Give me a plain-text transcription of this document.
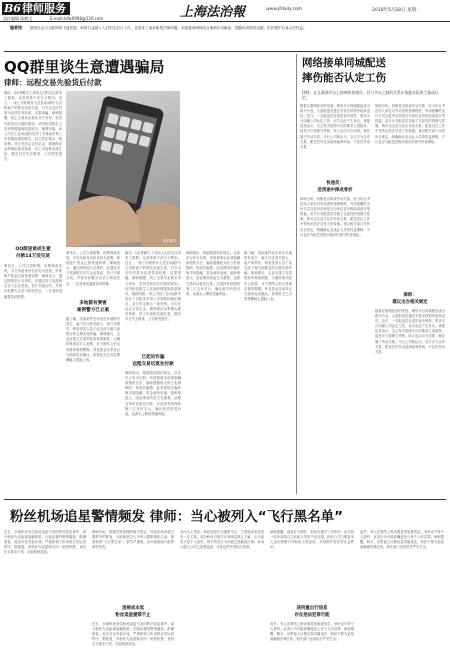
B6 律师服务
责任编辑 陈树文	E-mail:lsfw0998@126.com	上海法治報	www.jfdaily.com	2018年5月28日 星期一
编者按： 随着社会与互联网的飞速发展，网络日益融入人们的生活与工作，也带来了诸多新型法律问题，本版邀请律师结合案例作出解读，提醒读者擦亮双眼，依法维护自身合法权益。
QQ群里谈生意遭遇骗局
律师：远程交易先验货后付款
微信、QQ等聊天工具给人们的交往带来了便利，也常常被不法分子利用。近日，一家公司的财务人员在QQ群中与自称客户的网友洽谈生意，对方以支付货款为由诱导其转账，结果被骗。律师提醒，线上交易务必核实对方身份，坚持先验货后付款的原则，切勿轻信陌生人发来的链接和收款账号。案情回顾，该公司员工在QQ群中结识了自称某贸易公司采购经理的网友，双方约定购买一批货物。对方先后以支付定金、缴纳保证金等理由要求转账，员工未加核实便汇款，随后对方失去联系，公司蒙受损失。
QQ群里谈成生意
付款14万没见货
事发后，公司立即报警。民警调查发现，对方所留身份信息均为虚假，涉案账户资金已被快速转移。律师表示，通过网络进行交易时，应通过官方渠道核实对方企业资质，签订书面合同，并保存好聊天记录与转账凭证，一旦发现受骗要及时报警。
资料图片
事发后，公司立即报警。民警调查发现，对方所留身份信息均为虚假，涉案账户资金已被快速转移。律师表示，通过网络进行交易时，应通过官方渠道核实对方企业资质，签订书面合同，并保存好聊天记录与转账凭证，一旦发现受骗要及时报警。
多地都有要害
案例警方已立案
据了解，类似案件近年来在多地时有发生，骗子往往冒充熟人、客户或领导，利用受害人急于成交或不便当面核实的心理实施诈骗。律师建议，企业应建立完善的财务审批制度，大额转账须经多人复核，对于网络上的交易要求保持警惕，涉及资金往来务必当面或电话确认。检察机关已对犯罪嫌疑人提起公诉。
微信、QQ等聊天工具给人们的交往带来了便利，也常常被不法分子利用。近日，一家公司的财务人员在QQ群中与自称客户的网友洽谈生意，对方以支付货款为由诱导其转账，结果被骗。律师提醒，线上交易务必核实对方身份，坚持先验货后付款的原则，切勿轻信陌生人发来的链接和收款账号。案情回顾，该公司员工在QQ群中结识了自称某贸易公司采购经理的网友，双方约定购买一批货物。对方先后以支付定金、缴纳保证金等理由要求转账，员工未加核实便汇款，随后对方失去联系，公司蒙受损失。
已起诉诈骗
远程交易切莫先付款
律师指出，根据我国刑法规定，以非法占有为目的，用虚构事实或者隐瞒真相的方法，骗取数额较大的公私财物的，构成诈骗罪。此类网络诈骗作案手段隐蔽，资金流转迅速，追赃难度大，因此事前防范尤为重要。远程交易时切莫先付款，应选择有担保的第三方支付平台，确认收货后再付款，从源头上降低受骗风险。
律师指出，根据我国刑法规定，以非法占有为目的，用虚构事实或者隐瞒真相的方法，骗取数额较大的公私财物的，构成诈骗罪。此类网络诈骗作案手段隐蔽，资金流转迅速，追赃难度大，因此事前防范尤为重要。远程交易时切莫先付款，应选择有担保的第三方支付平台，确认收货后再付款，从源头上降低受骗风险。
据了解，类似案件近年来在多地时有发生，骗子往往冒充熟人、客户或领导，利用受害人急于成交或不便当面核实的心理实施诈骗。律师建议，企业应建立完善的财务审批制度，大额转账须经多人复核，对于网络上的交易要求保持警惕，涉及资金往来务必当面或电话确认。检察机关已对犯罪嫌疑人提起公诉。
网络接单同城配送
摔伤能否认定工伤
律师：在互联网平台上接单的快递员，其与平台之间的关系应依据实际用工情况认定。
随着互联网经济的发展，网络平台同城配送成为新兴行业，大量配送员通过手机应用程序接单送货。近日，一名配送员在送货途中摔伤，要求平台所属公司认定工伤，双方由此产生争议。该配送员表示，自己每天按照平台的要求上线接单，接受平台管理与考核，收入也由平台结算，理应属于劳动关系。平台公司则认为，双方仅为合作关系，配送员可自由选择接单时间，不存在劳动关系。
快递员：
送货途中摔成骨折
律师分析，判断是否构成劳动关系，应当综合考虑用人单位对劳动者的管理程度、劳动报酬的支付方式以及劳动者是否为单位业务的组成部分等因素。若平台对配送员实施了实质性的管理与控制，则可认定双方存在劳动关系，配送员在工作中受伤应依法享受工伤待遇。建议相关部门尽快出台规定，明确新业态从业人员的权益保障，平台也应为配送员购买相应的意外伤害保险。
律师分析，判断是否构成劳动关系，应当综合考虑用人单位对劳动者的管理程度、劳动报酬的支付方式以及劳动者是否为单位业务的组成部分等因素。若平台对配送员实施了实质性的管理与控制，则可认定双方存在劳动关系，配送员在工作中受伤应依法享受工伤待遇。建议相关部门尽快出台规定，明确新业态从业人员的权益保障，平台也应为配送员购买相应的意外伤害保险。
律师：
建议出台相关规定
随着互联网经济的发展，网络平台同城配送成为新兴行业，大量配送员通过手机应用程序接单送货。近日，一名配送员在送货途中摔伤，要求平台所属公司认定工伤，双方由此产生争议。该配送员表示，自己每天按照平台的要求上线接单，接受平台管理与考核，收入也由平台结算，理应属于劳动关系。平台公司则认为，双方仅为合作关系，配送员可自由选择接单时间，不存在劳动关系。
粉丝机场追星警情频发 律师：当心被列入“飞行黑名单”
近日，多地机场发生粉丝追星引发的秩序混乱事件。部分粉丝为近距离接触明星，在航站楼内围堵通道、推搡旅客，甚至冲击安检区域，严重影响了机场的正常运营秩序。据报道，有粉丝为追星购买同一航班机票，登机后又要求下机，导致航班延误。
律师介绍，根据民航管理的相关规定，扰乱机场或航空器秩序的旅客，可能被航空公司列入限制乘机名单，即俗称的“飞行黑名单”。情节严重的，还可能面临行政拘留等处罚。
违规成本低
粉丝追星屡禁不止
近日，多地机场发生粉丝追星引发的秩序混乱事件。部分粉丝为近距离接触明星，在航站楼内围堵通道、推搡旅客，甚至冲击安检区域，严重影响了机场的正常运营秩序。据报道，有粉丝为追星购买同一航班机票，登机后又要求下机，导致航班延误。
业内人士指出，粉丝追星行为屡禁不止，与违规成本较低有一定关系。部分粉丝对相关法律规定缺乏了解，认为追星只是个人爱好，殊不知其行为可能已经触犯法律。机场与航空公司已加强巡查，对扰乱秩序者依法处理。
律师提醒，追星应当理性，粉丝应遵守公共秩序，切勿因一时冲动给自己和他人带来不良后果。经纪公司与明星本人也应积极引导粉丝文明追星，共同维护良好的社会秩序。
获刑重出行信息
存在违法犯罪可能
此外，有人在网络上贩卖明星的航班信息、身份证号等个人资料，此类行为可能涉嫌侵犯公民个人信息罪。律师提醒，购买、出售他人行程信息均属违法，粉丝不要为追星而触碰法律红线，相关部门也将依法严厉打击。
此外，有人在网络上贩卖明星的航班信息、身份证号等个人资料，此类行为可能涉嫌侵犯公民个人信息罪。律师提醒，购买、出售他人行程信息均属违法，粉丝不要为追星而触碰法律红线，相关部门也将依法严厉打击。
